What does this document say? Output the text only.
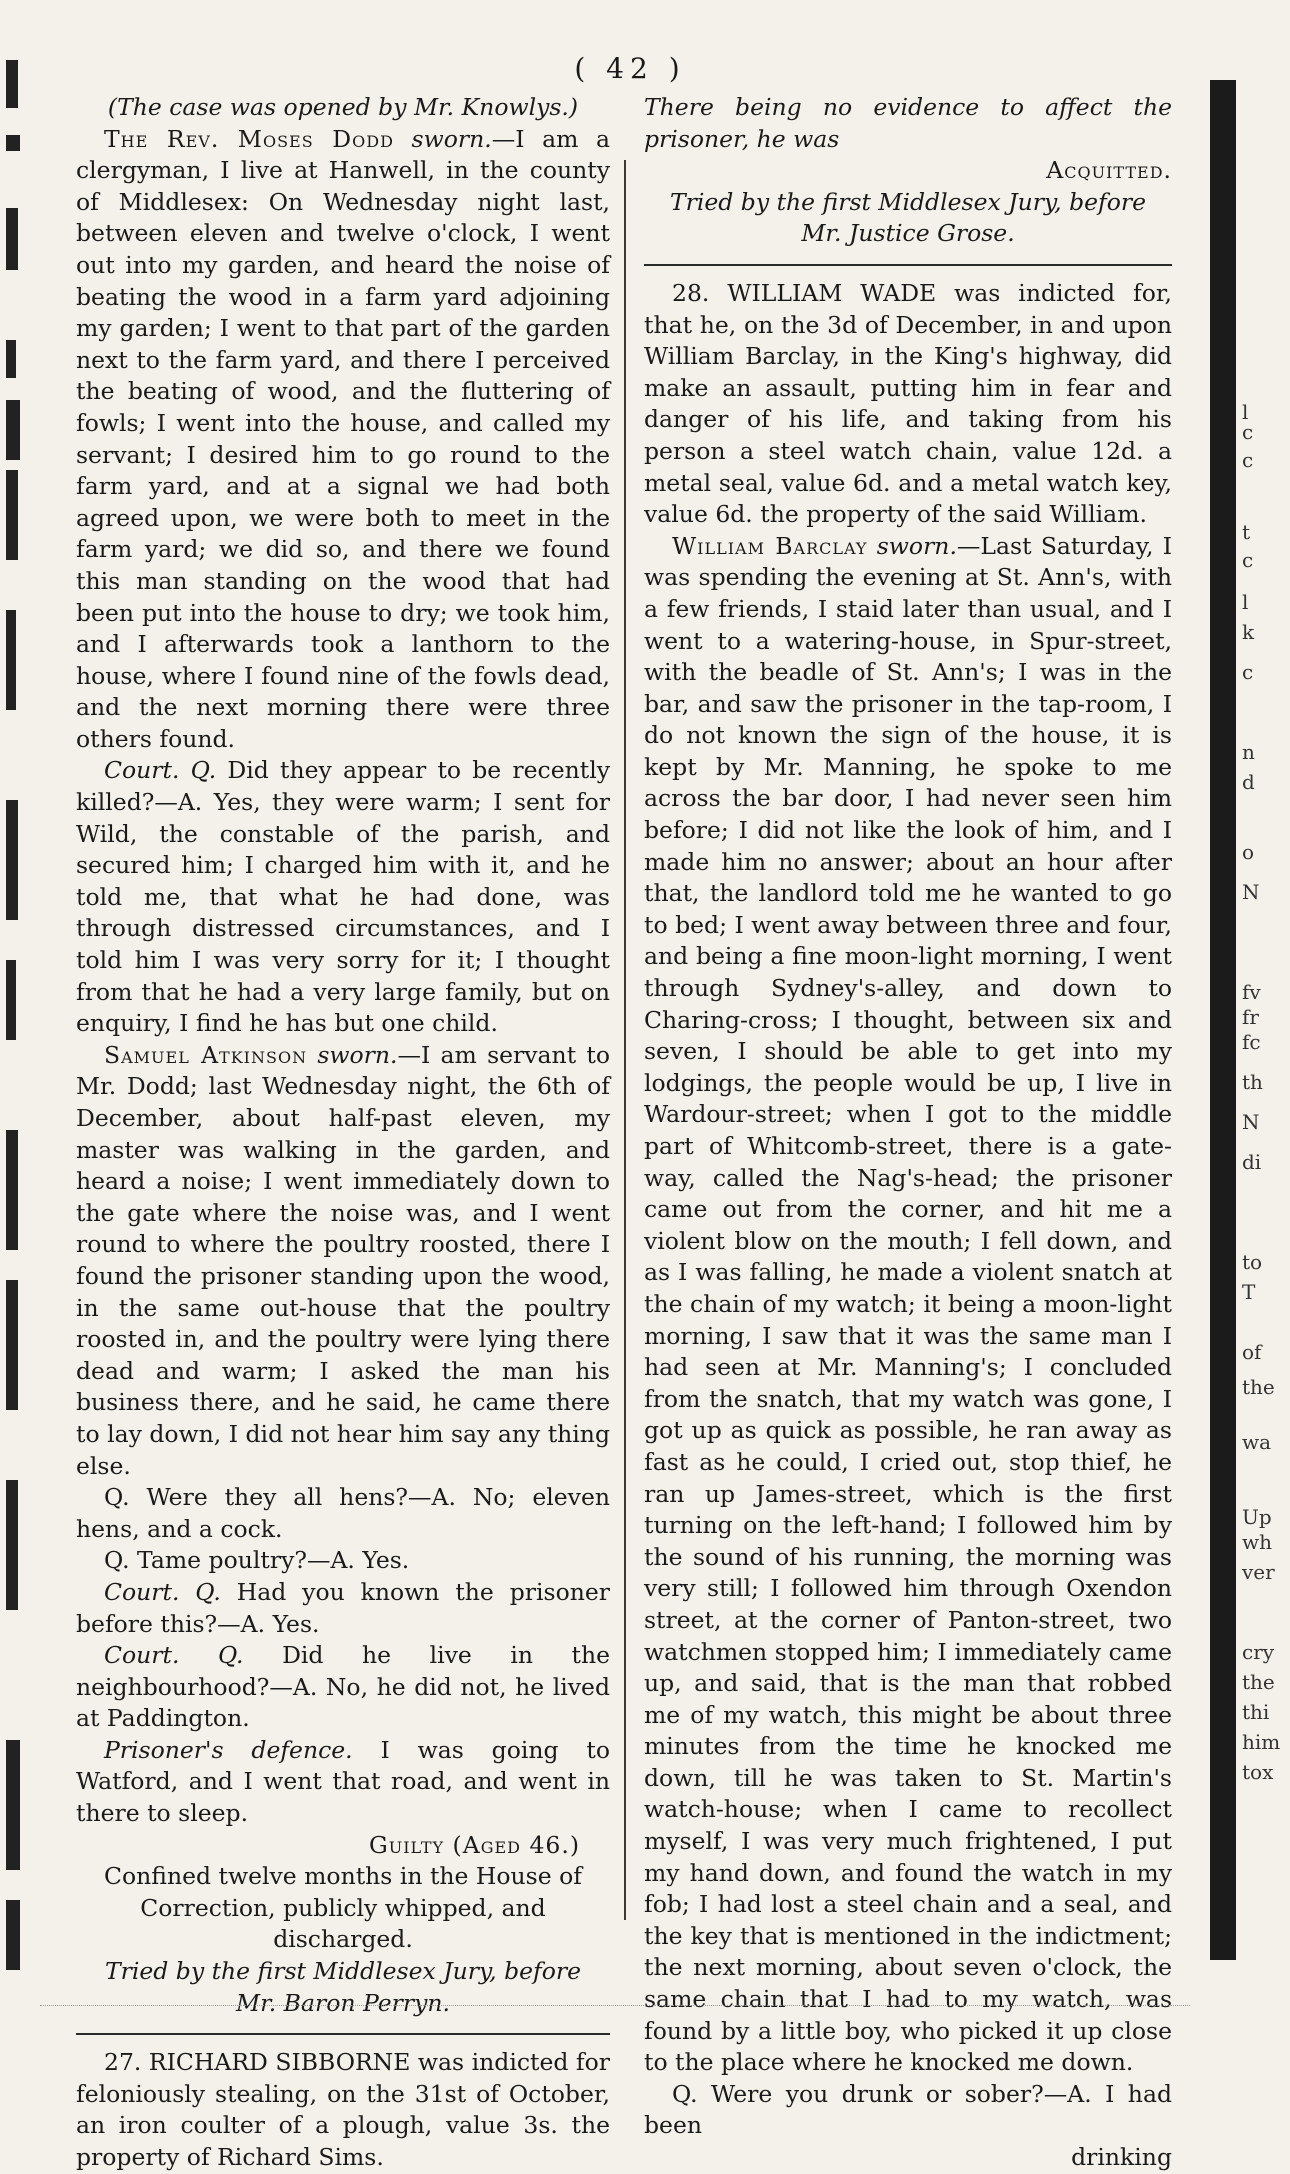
( 42 )

(The case was opened by Mr. Knowlys.)

The Rev. Moses Dodd sworn.—I am a clergyman, I live at Hanwell, in the county of Middlesex: On Wednesday night last, between eleven and twelve o'clock, I went out into my garden, and heard the noise of beating the wood in a farm yard adjoining my garden; I went to that part of the garden next to the farm yard, and there I perceived the beating of wood, and the fluttering of fowls; I went into the house, and called my servant; I desired him to go round to the farm yard, and at a signal we had both agreed upon, we were both to meet in the farm yard; we did so, and there we found this man standing on the wood that had been put into the house to dry; we took him, and I afterwards took a lanthorn to the house, where I found nine of the fowls dead, and the next morning there were three others found.

Court. Q. Did they appear to be recently killed?—A. Yes, they were warm; I sent for Wild, the constable of the parish, and secured him; I charged him with it, and he told me, that what he had done, was through distressed circumstances, and I told him I was very sorry for it; I thought from that he had a very large family, but on enquiry, I find he has but one child.

Samuel Atkinson sworn.—I am servant to Mr. Dodd; last Wednesday night, the 6th of December, about half-past eleven, my master was walking in the garden, and heard a noise; I went immediately down to the gate where the noise was, and I went round to where the poultry roosted, there I found the prisoner standing upon the wood, in the same out-house that the poultry roosted in, and the poultry were lying there dead and warm; I asked the man his business there, and he said, he came there to lay down, I did not hear him say any thing else.

Q. Were they all hens?—A. No; eleven hens, and a cock.

Q. Tame poultry?—A. Yes.

Court. Q. Had you known the prisoner before this?—A. Yes.

Court. Q. Did he live in the neighbourhood?—A. No, he did not, he lived at Paddington.

Prisoner's defence. I was going to Watford, and I went that road, and went in there to sleep.

Guilty (Aged 46.)

Confined twelve months in the House of Correction, publicly whipped, and discharged.

Tried by the first Middlesex Jury, before

Mr. Baron Perryn.

27. RICHARD SIBBORNE was indicted for feloniously stealing, on the 31st of October, an iron coulter of a plough, value 3s. the property of Richard Sims.

There being no evidence to affect the prisoner, he was

Acquitted.

Tried by the first Middlesex Jury, before

Mr. Justice Grose.

28. WILLIAM WADE was indicted for, that he, on the 3d of December, in and upon William Barclay, in the King's highway, did make an assault, putting him in fear and danger of his life, and taking from his person a steel watch chain, value 12d. a metal seal, value 6d. and a metal watch key, value 6d. the property of the said William.

William Barclay sworn.—Last Saturday, I was spending the evening at St. Ann's, with a few friends, I staid later than usual, and I went to a watering-house, in Spur-street, with the beadle of St. Ann's; I was in the bar, and saw the prisoner in the tap-room, I do not known the sign of the house, it is kept by Mr. Manning, he spoke to me across the bar door, I had never seen him before; I did not like the look of him, and I made him no answer; about an hour after that, the landlord told me he wanted to go to bed; I went away between three and four, and being a fine moon-light morning, I went through Sydney's-alley, and down to Charing-cross; I thought, between six and seven, I should be able to get into my lodgings, the people would be up, I live in Wardour-street; when I got to the middle part of Whitcomb-street, there is a gate-way, called the Nag's-head; the prisoner came out from the corner, and hit me a violent blow on the mouth; I fell down, and as I was falling, he made a violent snatch at the chain of my watch; it being a moon-light morning, I saw that it was the same man I had seen at Mr. Manning's; I concluded from the snatch, that my watch was gone, I got up as quick as possible, he ran away as fast as he could, I cried out, stop thief, he ran up James-street, which is the first turning on the left-hand; I followed him by the sound of his running, the morning was very still; I followed him through Oxendon street, at the corner of Panton-street, two watchmen stopped him; I immediately came up, and said, that is the man that robbed me of my watch, this might be about three minutes from the time he knocked me down, till he was taken to St. Martin's watch-house; when I came to recollect myself, I was very much frightened, I put my hand down, and found the watch in my fob; I had lost a steel chain and a seal, and the key that is mentioned in the indictment; the next morning, about seven o'clock, the same chain that I had to my watch, was found by a little boy, who picked it up close to the place where he knocked me down.

Q. Were you drunk or sober?—A. I had been

drinking

l
c
c
t
c
l
k
c
n
d
o
N
fv
fr
fc
th
N
di
to
T
of
the
wa
Up
wh
ver
cry
the
thi
him
tox
